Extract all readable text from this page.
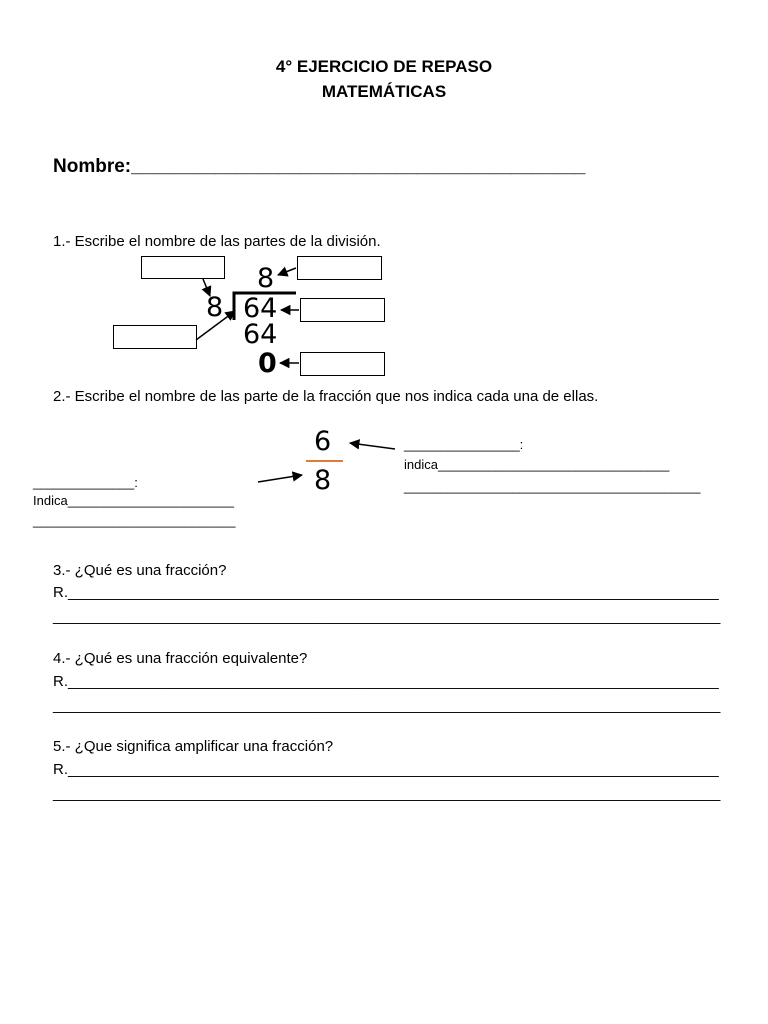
4° EJERCICIO DE REPASO
MATEMÁTICAS
Nombre:___________________________________________
1.- Escribe el nombre de las partes de la división.
8
8 64
64
0
2.- Escribe el nombre de las parte de la fracción que nos indica cada una de ellas.
6
8
________________:
indica________________________________
_________________________________________
______________:
Indica_______________________
____________________________
3.- ¿Qué es una fracción?
R.______________________________________________________________________________
________________________________________________________________________________
4.- ¿Qué es una fracción equivalente?
R.______________________________________________________________________________
________________________________________________________________________________
5.- ¿Que significa amplificar una fracción?
R.______________________________________________________________________________
________________________________________________________________________________
